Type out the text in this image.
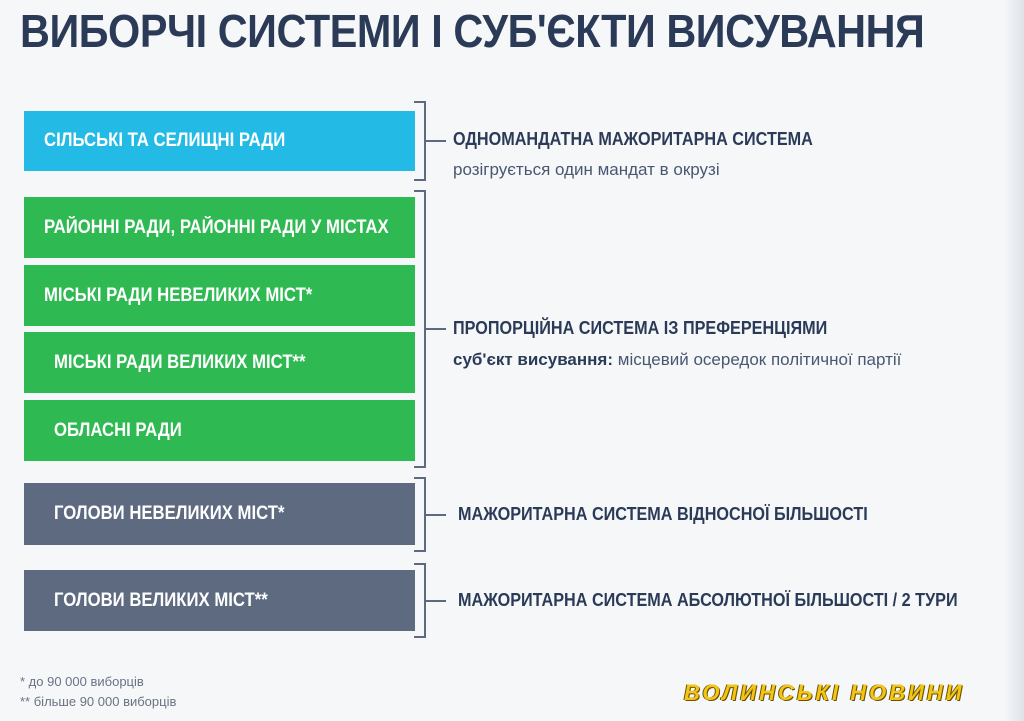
ВИБОРЧІ СИСТЕМИ І СУБ'ЄКТИ ВИСУВАННЯ
СІЛЬСЬКІ ТА СЕЛИЩНІ РАДИ
РАЙОННІ РАДИ, РАЙОННІ РАДИ У МІСТАХ
МІСЬКІ РАДИ НЕВЕЛИКИХ МІСТ*
МІСЬКІ РАДИ ВЕЛИКИХ МІСТ**
ОБЛАСНІ РАДИ
ГОЛОВИ НЕВЕЛИКИХ МІСТ*
ГОЛОВИ ВЕЛИКИХ МІСТ**
ОДНОМАНДАТНА МАЖОРИТАРНА СИСТЕМА
розігрується один мандат в окрузі
ПРОПОРЦІЙНА СИСТЕМА ІЗ ПРЕФЕРЕНЦІЯМИ
суб'єкт висування: місцевий осередок політичної партії
МАЖОРИТАРНА СИСТЕМА ВІДНОСНОЇ БІЛЬШОСТІ
МАЖОРИТАРНА СИСТЕМА АБСОЛЮТНОЇ БІЛЬШОСТІ / 2 ТУРИ
* до 90 000 виборців
** більше 90 000 виборців	ВОЛИНСЬКІ НОВИНИ
